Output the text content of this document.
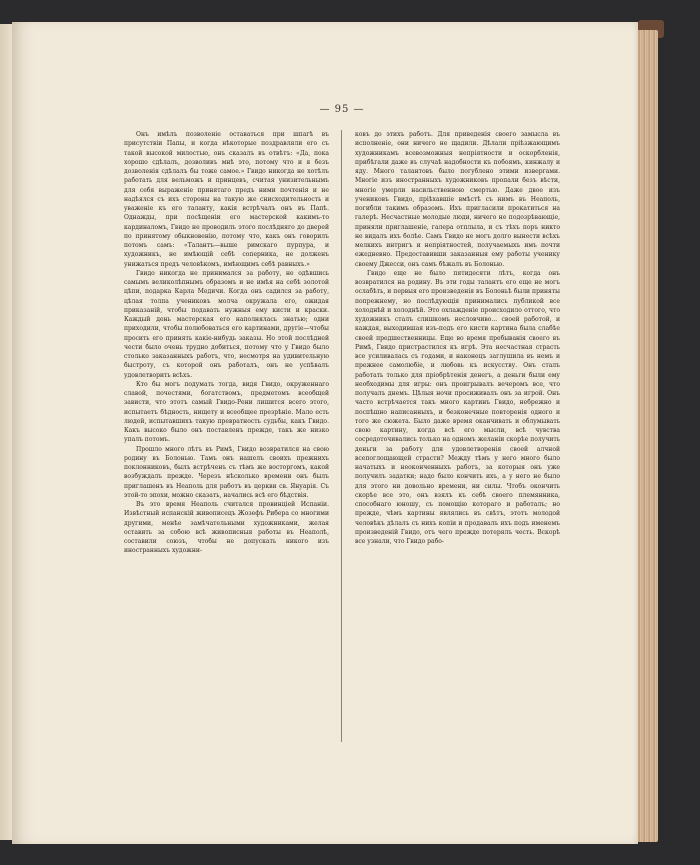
— 95 —

Онъ имѣлъ позволеніе оставаться при шпагѣ въ присутствіи Папы, и когда нѣкоторые поздравляли его съ такой высокой милостью, онъ сказалъ въ отвѣтъ: «Да, пока хорошо сдѣлалъ, дозволивъ мнѣ это, потому что и я безъ дозволенія сдѣлалъ бы тоже самое.» Гвидо никогда не хотѣлъ работать для вельможъ и принцевъ, считая унизительнымъ для себя выраженіе принятаго предъ ними почтенія и не надѣялся съ ихъ стороны на такую же снисходительность и уваженіе къ его таланту, какія встрѣчалъ онъ въ Папѣ. Однажды, при посѣщеніи его мастерской какимъ-то кардиналомъ, Гвидо не проводилъ этого послѣдняго до дверей по принятому обыкновенію, потому что, какъ онъ говорилъ потомъ самъ: «Талантъ—выше римскаго пурпура, и художникъ, не имѣющій себѣ соперника, не долженъ унижаться предъ человѣкомъ, имѣющимъ себѣ равныхъ.»

Гвидо никогда не принимался за работу, не одѣвшись самымъ великолѣпнымъ образомъ и не имѣя на себѣ золотой цѣпи, подарка Карла Медичи. Когда онъ садился за работу, цѣлая толпа учениковъ молча окружала его, ожидая приказаній, чтобы подавать нужныя ему кисти и краски. Каждый день мастерская его наполнялась знатью; одни приходили, чтобы полюбоваться его картинами, другіе—чтобы просить его принять какіе-нибудь заказы. Но этой послѣдней чести было очень трудно добиться, потому что у Гвидо было столько заказанныхъ работъ, что, несмотря на удивительную быстроту, съ которой онъ работалъ, онъ не успѣвалъ удовлетворить всѣхъ.

Кто бы могъ подумать тогда, видя Гвидо, окруженнаго славой, почестями, богатствомъ, предметомъ всеобщей зависти, что этотъ самый Гвидо-Рени лишится всего этого, испытаетъ бѣдность, нищету и всеобщее презрѣніе. Мало есть людей, испытавшихъ такую превратность судьбы, какъ Гвидо. Какъ высоко было онъ поставленъ прежде, такъ же низко упалъ потомъ.

Прошло много лѣтъ въ Римѣ, Гвидо возвратился на свою родину въ Болонью. Тамъ онъ нашелъ своихъ прежнихъ поклонниковъ, былъ встрѣченъ съ тѣмъ же восторгомъ, какой возбуждалъ прежде. Черезъ нѣсколько времени онъ былъ приглашенъ въ Неаполь для работъ въ церкви св. Януарія. Съ этой-то эпохи, можно сказать, начались всѣ его бѣдствія.

Въ это время Неаполь считался провинціей Испаніи. Извѣстный испанскій живописецъ Жозефъ Рибера со многими другими, менѣе замѣчательными художниками, желая оставить за собою всѣ живописныя работы въ Неаполѣ, составили союзъ, чтобы не допускать никого изъ иностранныхъ художни-

ковъ до этихъ работъ. Для приведенія своего замысла въ исполненіе, они ничего не щадили. Дѣлали пріѣзжающимъ художникамъ всевозможныя непріятности и оскорбленія, прибѣгали даже въ случаѣ надобности къ побоямъ, кинжалу и яду. Много талантовъ было погублено этими извергами. Многіе изъ иностранныхъ художниковъ пропали безъ вѣсти, многіе умерли насильственною смертью. Даже двое изъ учениковъ Гвидо, пріѣхавшіе вмѣстѣ съ нимъ въ Неаполь, погибли такимъ образомъ. Ихъ пригласили прокатиться на галерѣ. Несчастные молодые люди, ничего не подозрѣвающіе, приняли приглашеніе, галера отплыла, и съ тѣхъ поръ никто не видалъ ихъ болѣе. Самъ Гвидо не могъ долго вынести всѣхъ мелкихъ интригъ и непріятностей, получаемыхъ имъ почти ежедневно. Предоставивши заказанныя ему работы ученику своему Джесси, онъ самъ бѣжалъ въ Болонью.

Гвидо еще не было пятидесяти лѣтъ, когда онъ возвратился на родину. Въ эти годы талантъ его еще не могъ ослабѣть, и первыя его произведенія въ Болоньѣ были приняты попрежнему, но послѣдующія принимались публикой все холоднѣй и холоднѣй. Это охлажденіе происходило оттого, что художникъ сталъ слишкомъ несловчиво... своей работой, и каждая, выходившая изъ-подъ его кисти картина была слабѣе своей предшественницы. Еще во время пребыванія своего въ Римѣ, Гвидо пристрастился къ игрѣ. Эта несчастная страсть все усиливалась съ годами, и наконецъ заглушила въ немъ и прежнее самолюбіе, и любовь къ искусству. Онъ сталъ работать только для пріобрѣтенія денегъ, а деньги были ему необходимы для игры: онъ проигрывалъ вечеромъ все, что получалъ днемъ. Цѣлыя ночи просиживалъ онъ за игрой. Онъ часто встрѣчается такъ много картинъ Гвидо, небрежно и поспѣшно написанныхъ, и безконечные повторенія одного и того же сюжета. Было даже время оканчивать и облумывать свою картину, когда всѣ его мысли, всѣ чувства сосредоточивались только на одномъ желаніи скорѣе получить деньги за работу для удовлетворенія своей алчной всепоглощающей страсти? Между тѣмъ у него много было начатыхъ и неоконченныхъ работъ, за которыя онъ уже получилъ задатки; надо было кончить ихъ, а у него не было для этого ни довольно времени, ни силы. Чтобъ окончить скорѣе все это, онъ взялъ къ себѣ своего племянника, способнаго юношу, съ помощію котораго и работалъ; но прежде, чѣмъ картины являлись въ свѣтъ, этотъ молодой человѣкъ дѣлалъ съ нихъ копіи и продавалъ ихъ подъ именемъ произведеній Гвидо, отъ чего прежде потерялъ честь. Вскорѣ все узнали, что Гвидо рабо-
